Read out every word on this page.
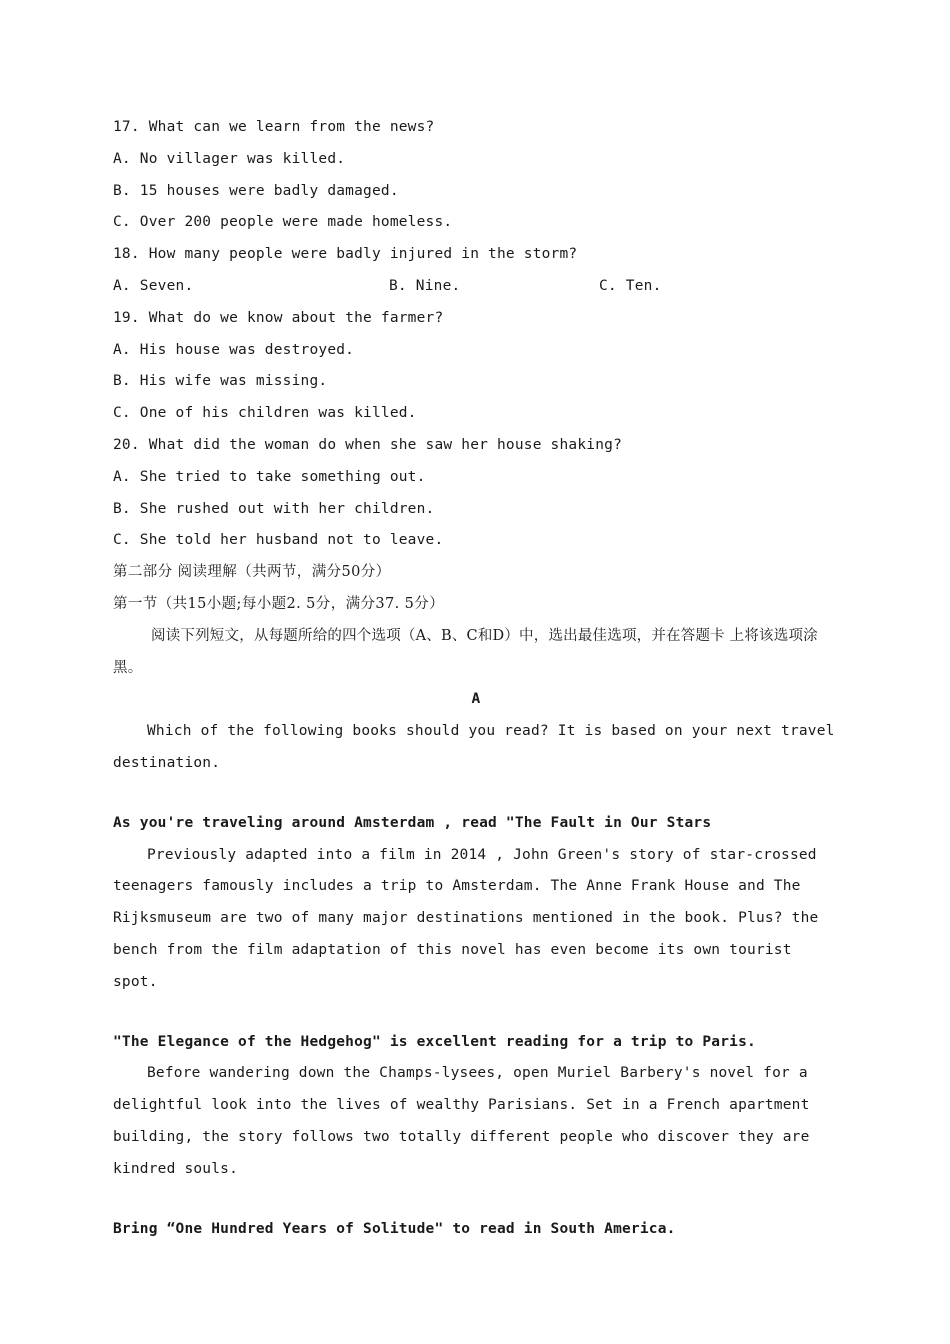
17. What can we learn from the news?
A. No villager was killed.
B. 15 houses were badly damaged.
C. Over 200 people were made homeless.
18. How many people were badly injured in the storm?

A. Seven.

	B. Nine.

	C. Ten.

19. What do we know about the farmer?
A. His house was destroyed.
B. His wife was missing.
C. One of his children was killed.
20. What did the woman do when she saw her house shaking?
A. She tried to take something out.
B. She rushed out with her children.
C. She told her husband not to leave.
第二部分 阅读理解（共两节，满分50分）
第一节（共15小题;每小题2. 5分，满分37. 5分）
阅读下列短文，从每题所给的四个选项（A、B、C和D）中，选出最佳选项，并在答题卡 上将该选项涂黑。
A
Which of the following books should you read? It is based on your next travel destination.
As you're traveling around Amsterdam , read "The Fault in Our Stars
Previously adapted into a film in 2014 , John Green's story of star-crossed teenagers famously includes a trip to Amsterdam. The Anne Frank House and The Rijksmuseum are two of many major destinations mentioned in the book. Plus? the bench from the film adaptation of this novel has even become its own tourist spot.
"The Elegance of the Hedgehog" is excellent reading for a trip to Paris.
Before wandering down the Champs-lysees, open Muriel Barbery's novel for a delightful look into the lives of wealthy Parisians. Set in a French apartment building, the story follows two totally different people who discover they are kindred souls.
Bring “One Hundred Years of Solitude" to read in South America.
